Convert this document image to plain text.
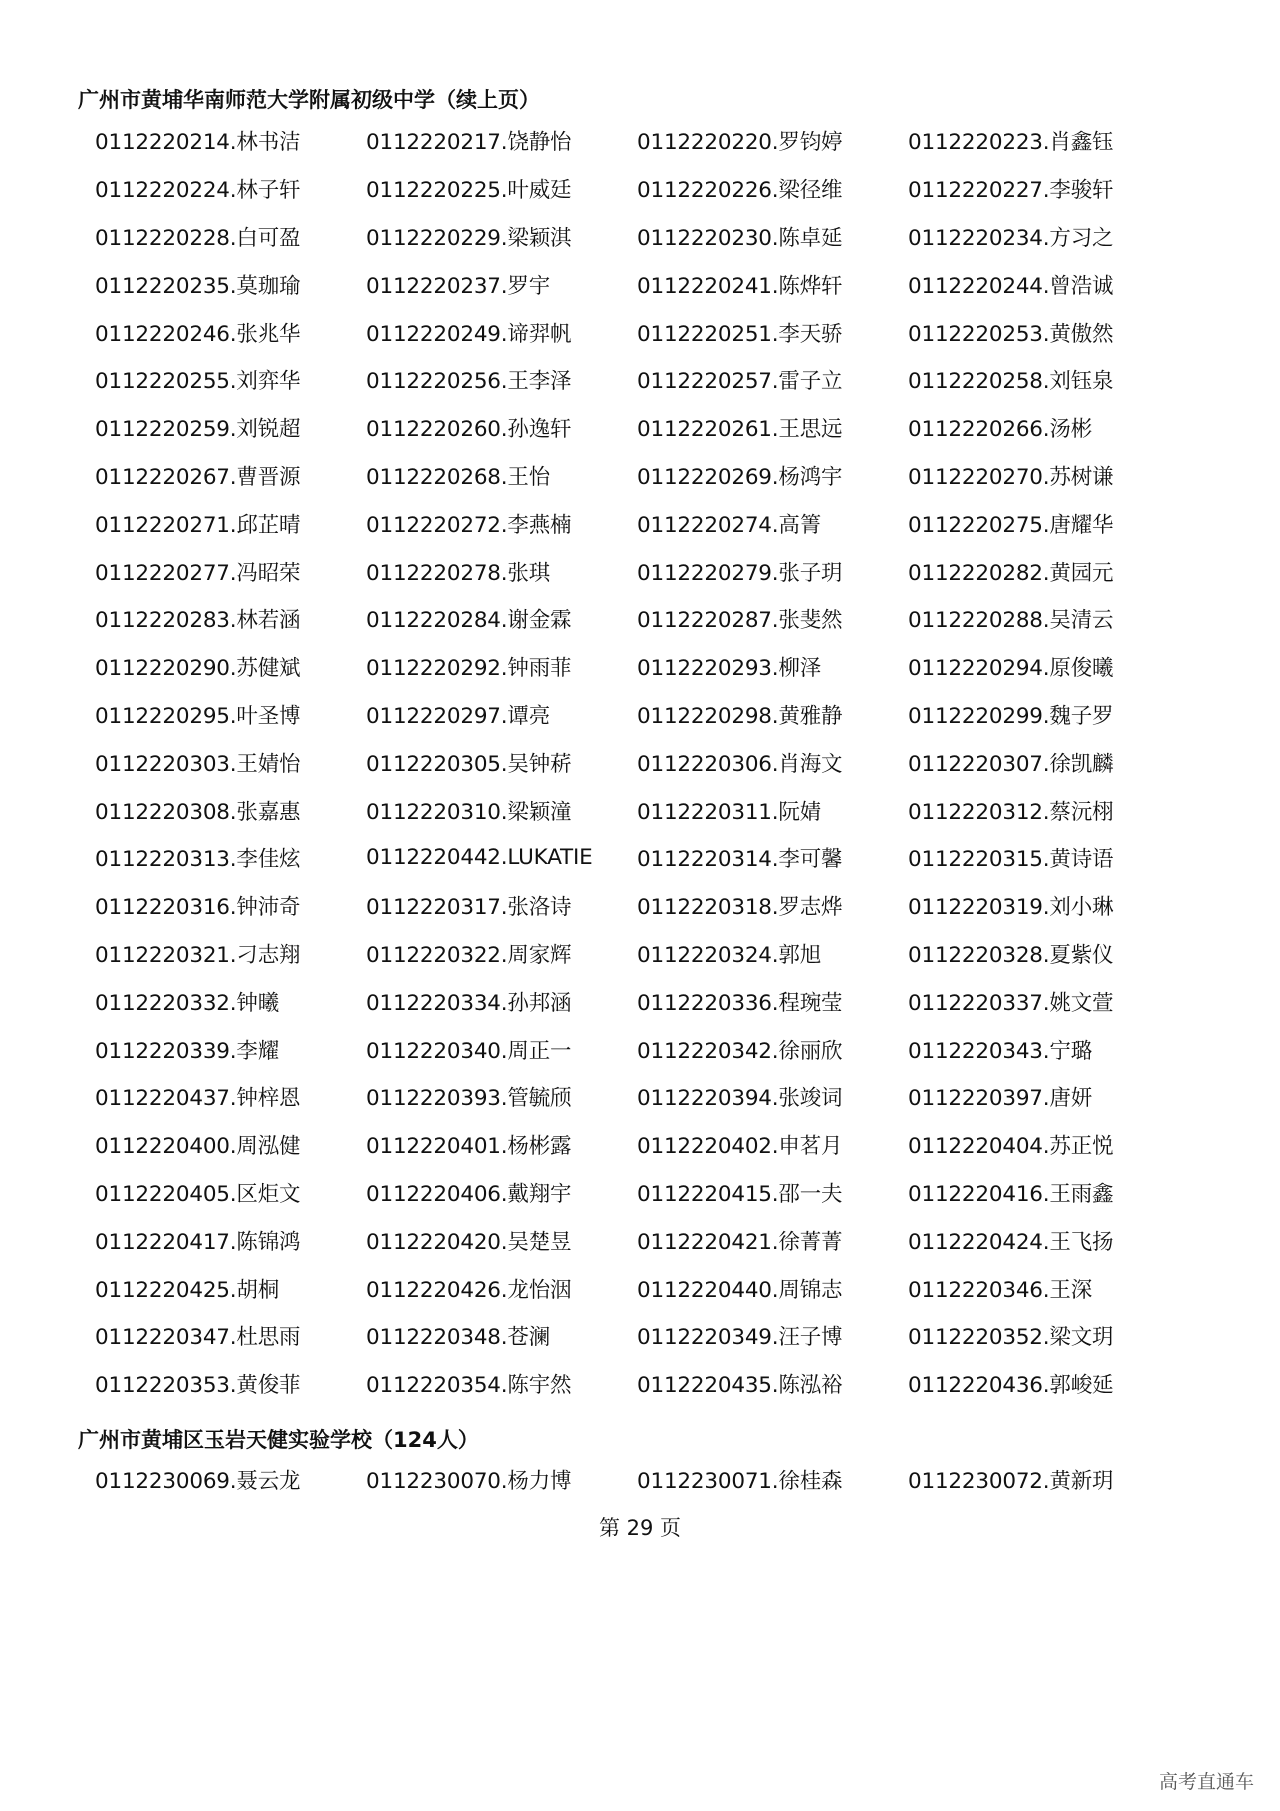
广州市黄埔华南师范大学附属初级中学（续上页）
0112220214.林书洁	0112220217.饶静怡	0112220220.罗钧婷	0112220223.肖鑫钰
0112220224.林子轩	0112220225.叶威廷	0112220226.梁径维	0112220227.李骏轩
0112220228.白可盈	0112220229.梁颖淇	0112220230.陈卓延	0112220234.方习之
0112220235.莫珈瑜	0112220237.罗宇	0112220241.陈烨轩	0112220244.曾浩诚
0112220246.张兆华	0112220249.谛羿帆	0112220251.李天骄	0112220253.黄傲然
0112220255.刘弈华	0112220256.王李泽	0112220257.雷子立	0112220258.刘钰泉
0112220259.刘锐超	0112220260.孙逸轩	0112220261.王思远	0112220266.汤彬
0112220267.曹晋源	0112220268.王怡	0112220269.杨鸿宇	0112220270.苏树谦
0112220271.邱芷晴	0112220272.李燕楠	0112220274.高箐	0112220275.唐耀华
0112220277.冯昭荣	0112220278.张琪	0112220279.张子玥	0112220282.黄园元
0112220283.林若涵	0112220284.谢金霖	0112220287.张斐然	0112220288.吴清云
0112220290.苏健斌	0112220292.钟雨菲	0112220293.柳泽	0112220294.原俊曦
0112220295.叶圣博	0112220297.谭亮	0112220298.黄雅静	0112220299.魏子罗
0112220303.王婧怡	0112220305.吴钟菥	0112220306.肖海文	0112220307.徐凯麟
0112220308.张嘉惠	0112220310.梁颖潼	0112220311.阮婧	0112220312.蔡沅栩
0112220313.李佳炫	0112220442.LUKATIE	0112220314.李可馨	0112220315.黄诗语
0112220316.钟沛奇	0112220317.张洛诗	0112220318.罗志烨	0112220319.刘小琳
0112220321.刁志翔	0112220322.周家辉	0112220324.郭旭	0112220328.夏紫仪
0112220332.钟曦	0112220334.孙邦涵	0112220336.程琬莹	0112220337.姚文萱
0112220339.李耀	0112220340.周正一	0112220342.徐丽欣	0112220343.宁璐
0112220437.钟梓恩	0112220393.管毓颀	0112220394.张竣词	0112220397.唐妍
0112220400.周泓健	0112220401.杨彬露	0112220402.申茗月	0112220404.苏正悦
0112220405.区炬文	0112220406.戴翔宇	0112220415.邵一夫	0112220416.王雨鑫
0112220417.陈锦鸿	0112220420.吴楚昱	0112220421.徐菁菁	0112220424.王飞扬
0112220425.胡桐	0112220426.龙怡洇	0112220440.周锦志	0112220346.王深
0112220347.杜思雨	0112220348.苍澜	0112220349.汪子博	0112220352.梁文玥
0112220353.黄俊菲	0112220354.陈宇然	0112220435.陈泓裕	0112220436.郭峻延
广州市黄埔区玉岩天健实验学校（124人）
0112230069.聂云龙	0112230070.杨力博	0112230071.徐桂森	0112230072.黄新玥
第 29 页
高考直通车
